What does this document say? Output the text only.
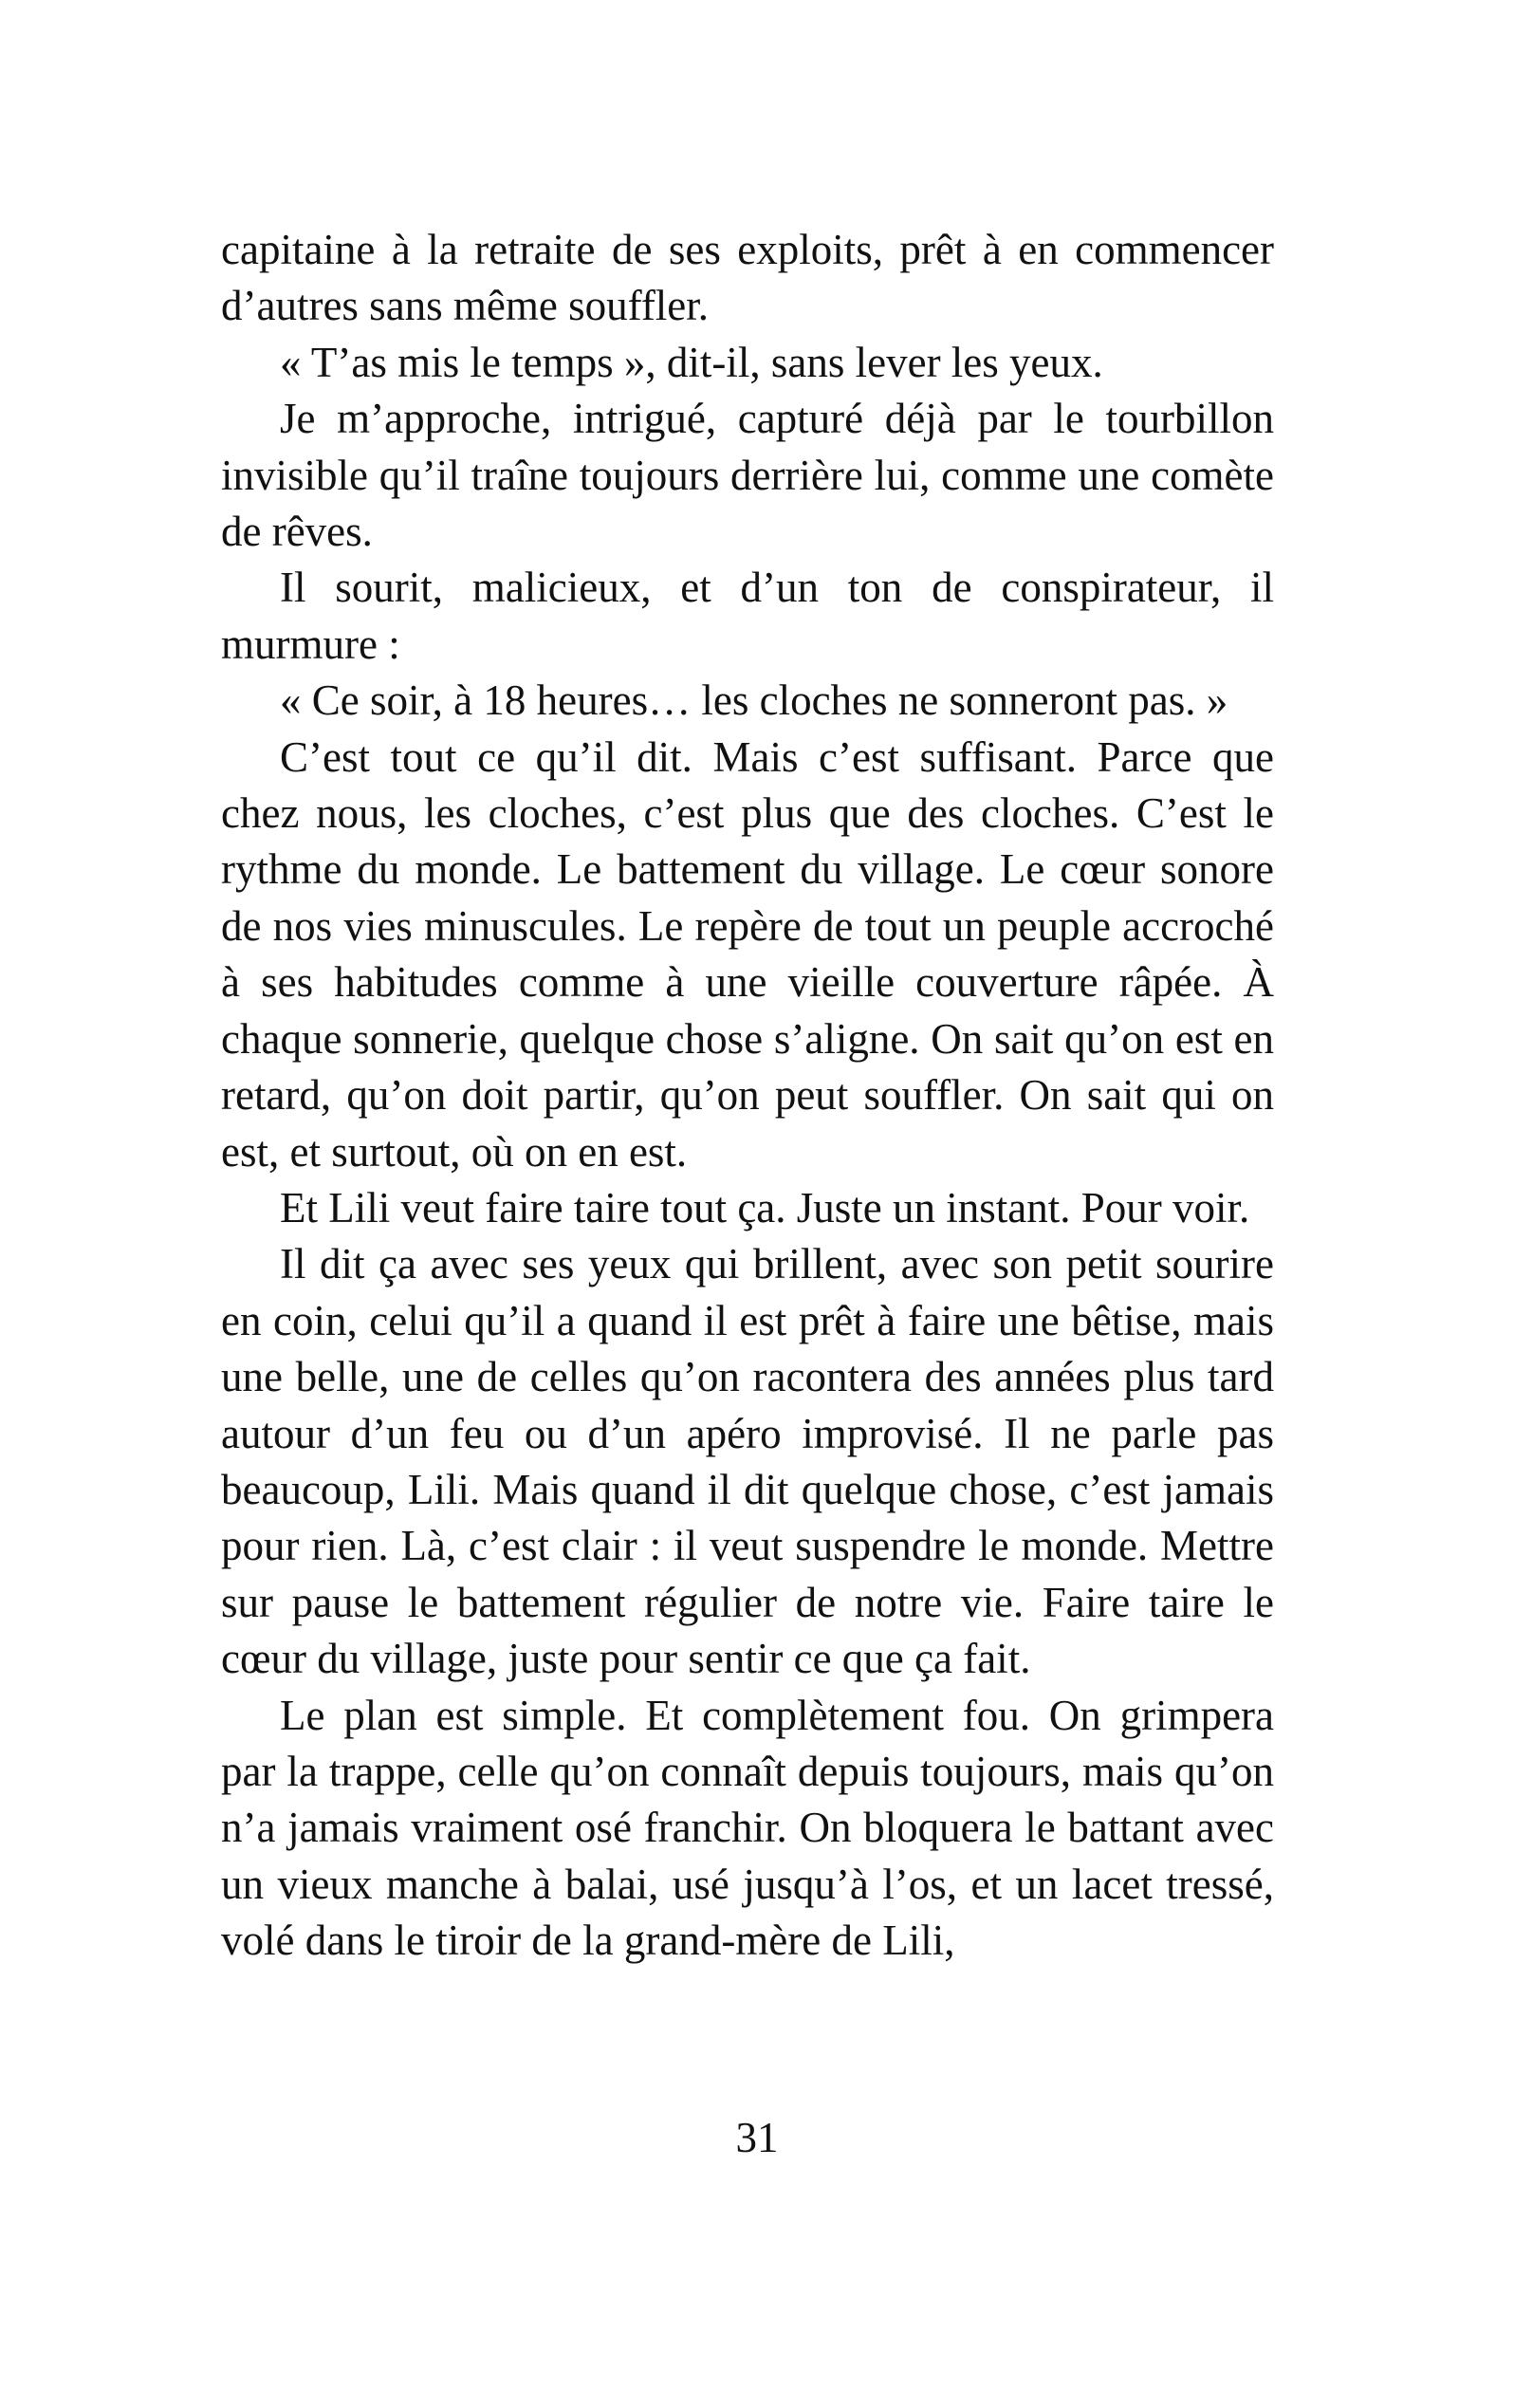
capitaine à la retraite de ses exploits, prêt à en commencer d’autres sans même souffler.

« T’as mis le temps », dit-il, sans lever les yeux.

Je m’approche, intrigué, capturé déjà par le tourbillon invisible qu’il traîne toujours derrière lui, comme une comète de rêves.

Il sourit, malicieux, et d’un ton de conspirateur, il murmure :

« Ce soir, à 18 heures… les cloches ne sonneront pas. »

C’est tout ce qu’il dit. Mais c’est suffisant. Parce que chez nous, les cloches, c’est plus que des cloches. C’est le rythme du monde. Le battement du village. Le cœur sonore de nos vies minuscules. Le repère de tout un peuple accroché à ses habitudes comme à une vieille couverture râpée. À chaque sonnerie, quelque chose s’aligne. On sait qu’on est en retard, qu’on doit partir, qu’on peut souffler. On sait qui on est, et surtout, où on en est.

Et Lili veut faire taire tout ça. Juste un instant. Pour voir.

Il dit ça avec ses yeux qui brillent, avec son petit sourire en coin, celui qu’il a quand il est prêt à faire une bêtise, mais une belle, une de celles qu’on racontera des années plus tard autour d’un feu ou d’un apéro improvisé. Il ne parle pas beaucoup, Lili. Mais quand il dit quelque chose, c’est jamais pour rien. Là, c’est clair : il veut suspendre le monde. Mettre sur pause le battement régulier de notre vie. Faire taire le cœur du village, juste pour sentir ce que ça fait.

Le plan est simple. Et complètement fou. On grimpera par la trappe, celle qu’on connaît depuis toujours, mais qu’on n’a jamais vraiment osé franchir. On bloquera le battant avec un vieux manche à balai, usé jusqu’à l’os, et un lacet tressé, volé dans le tiroir de la grand-mère de Lili,

31
